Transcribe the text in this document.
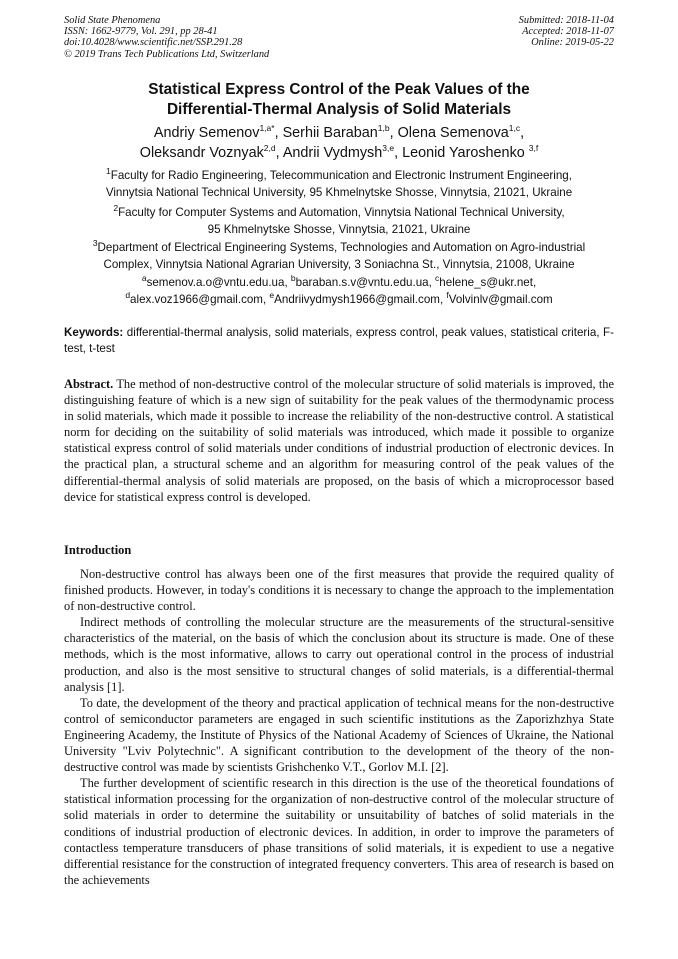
Solid State Phenomena
ISSN: 1662-9779, Vol. 291, pp 28-41
doi:10.4028/www.scientific.net/SSP.291.28
© 2019 Trans Tech Publications Ltd, Switzerland
Submitted: 2018-11-04
Accepted: 2018-11-07
Online: 2019-05-22
Statistical Express Control of the Peak Values of the
Differential-Thermal Analysis of Solid Materials
Andriy Semenov$^{1,a*}$, Serhii Baraban$^{1,b}$, Olena Semenova$^{1,c}$,
Oleksandr Voznyak$^{2,d}$, Andrii Vydmysh$^{3,e}$, Leonid Yaroshenko $^{3,f}$
$^1$Faculty for Radio Engineering, Telecommunication and Electronic Instrument Engineering,
Vinnytsia National Technical University, 95 Khmelnytske Shosse, Vinnytsia, 21021, Ukraine
$^2$Faculty for Computer Systems and Automation, Vinnytsia National Technical University,
95 Khmelnytske Shosse, Vinnytsia, 21021, Ukraine
$^3$Department of Electrical Engineering Systems, Technologies and Automation on Agro-industrial
Complex, Vinnytsia National Agrarian University, 3 Soniachna St., Vinnytsia, 21008, Ukraine
$^a$semenov.a.o@vntu.edu.ua, $^b$baraban.s.v@vntu.edu.ua, $^c$helene_s@ukr.net,
$^d$alex.voz1966@gmail.com, $^e$Andriivydmysh1966@gmail.com, $^f$Volvinlv@gmail.com
Keywords: differential-thermal analysis, solid materials, express control, peak values, statistical criteria, F-test, t-test
Abstract. The method of non-destructive control of the molecular structure of solid materials is improved, the distinguishing feature of which is a new sign of suitability for the peak values of the thermodynamic process in solid materials, which made it possible to increase the reliability of the non-destructive control. A statistical norm for deciding on the suitability of solid materials was introduced, which made it possible to organize statistical express control of solid materials under conditions of industrial production of electronic devices. In the practical plan, a structural scheme and an algorithm for measuring control of the peak values of the differential-thermal analysis of solid materials are proposed, on the basis of which a microprocessor based device for statistical express control is developed.
Introduction

Non-destructive control has always been one of the first measures that provide the required quality of finished products. However, in today's conditions it is necessary to change the approach to the implementation of non-destructive control.

Indirect methods of controlling the molecular structure are the measurements of the structural-sensitive characteristics of the material, on the basis of which the conclusion about its structure is made. One of these methods, which is the most informative, allows to carry out operational control in the process of industrial production, and also is the most sensitive to structural changes of solid materials, is a differential-thermal analysis [1].

To date, the development of the theory and practical application of technical means for the non-destructive control of semiconductor parameters are engaged in such scientific institutions as the Zaporizhzhya State Engineering Academy, the Institute of Physics of the National Academy of Sciences of Ukraine, the National University "Lviv Polytechnic". A significant contribution to the development of the theory of the non-destructive control was made by scientists Grishchenko V.T., Gorlov M.I. [2].

The further development of scientific research in this direction is the use of the theoretical foundations of statistical information processing for the organization of non-destructive control of the molecular structure of solid materials in order to determine the suitability or unsuitability of batches of solid materials in the conditions of industrial production of electronic devices. In addition, in order to improve the parameters of contactless temperature transducers of phase transitions of solid materials, it is expedient to use a negative differential resistance for the construction of integrated frequency converters. This area of research is based on the achievements
